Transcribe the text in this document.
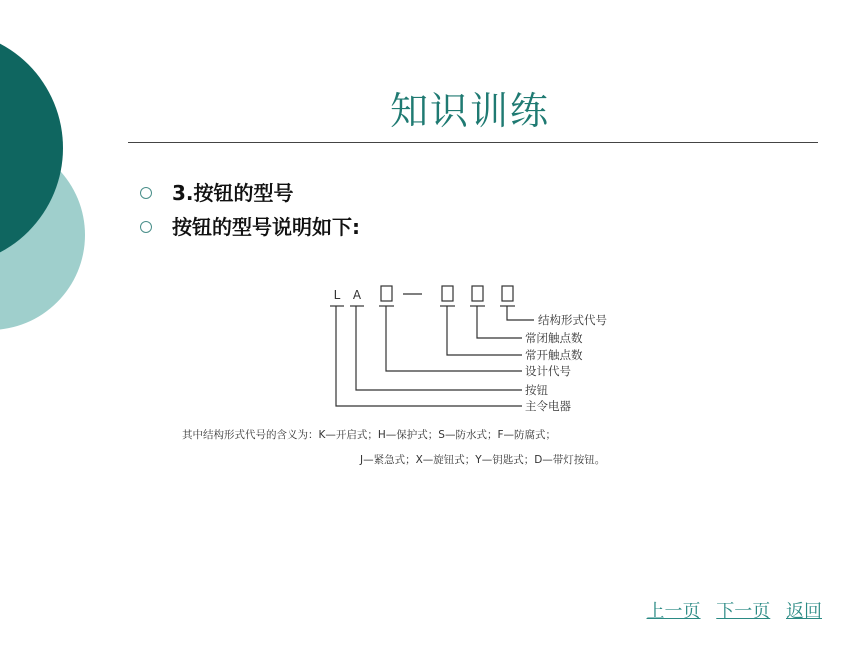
知识训练
3.按钮的型号
按钮的型号说明如下:
L A
结构形式代号
常闭触点数
常开触点数
设计代号
按钮
主令电器
其中结构形式代号的含义为：K—开启式；H—保护式；S—防水式；F—防腐式；
J—紧急式；X—旋钮式；Y—钥匙式；D—带灯按钮。
上一页 下一页 返回
